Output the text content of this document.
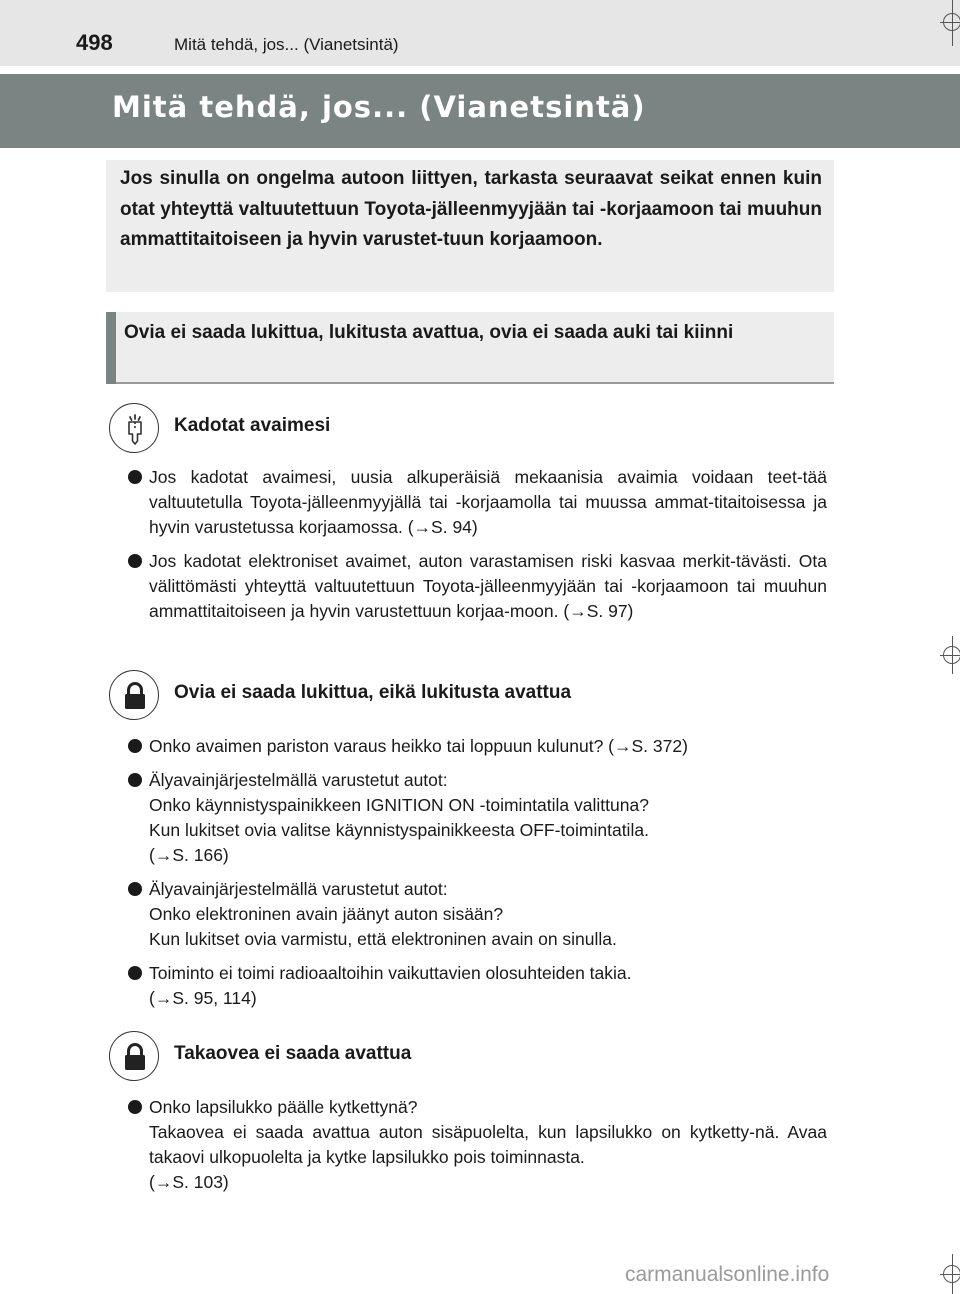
498	Mitä tehdä, jos... (Vianetsintä)
Mitä tehdä, jos... (Vianetsintä)
Jos sinulla on ongelma autoon liittyen, tarkasta seuraavat seikat ennen kuin otat yhteyttä valtuutettuun Toyota-jälleenmyyjään tai -korjaamoon tai muuhun ammattitaitoiseen ja hyvin varustet-tuun korjaamoon.
Ovia ei saada lukittua, lukitusta avattua, ovia ei saada auki tai kiinni
Kadotat avaimesi
Jos kadotat avaimesi, uusia alkuperäisiä mekaanisia avaimia voidaan teet-tää valtuutetulla Toyota-jälleenmyyjällä tai -korjaamolla tai muussa ammat-titaitoisessa ja hyvin varustetussa korjaamossa. (→S. 94)
Jos kadotat elektroniset avaimet, auton varastamisen riski kasvaa merkit-tävästi. Ota välittömästi yhteyttä valtuutettuun Toyota-jälleenmyyjään tai -korjaamoon tai muuhun ammattitaitoiseen ja hyvin varustettuun korjaa-moon. (→S. 97)
Ovia ei saada lukittua, eikä lukitusta avattua
Onko avaimen pariston varaus heikko tai loppuun kulunut? (→S. 372)
Älyavainjärjestelmällä varustetut autot:
Onko käynnistyspainikkeen IGNITION ON -toimintatila valittuna?
Kun lukitset ovia valitse käynnistyspainikkeesta OFF-toimintatila.
(→S. 166)
Älyavainjärjestelmällä varustetut autot:
Onko elektroninen avain jäänyt auton sisään?
Kun lukitset ovia varmistu, että elektroninen avain on sinulla.
Toiminto ei toimi radioaaltoihin vaikuttavien olosuhteiden takia.
(→S. 95, 114)
Takaovea ei saada avattua
Onko lapsilukko päälle kytkettynä?
Takaovea ei saada avattua auton sisäpuolelta, kun lapsilukko on kytketty-nä. Avaa takaovi ulkopuolelta ja kytke lapsilukko pois toiminnasta.
(→S. 103)
carmanualsonline.info
